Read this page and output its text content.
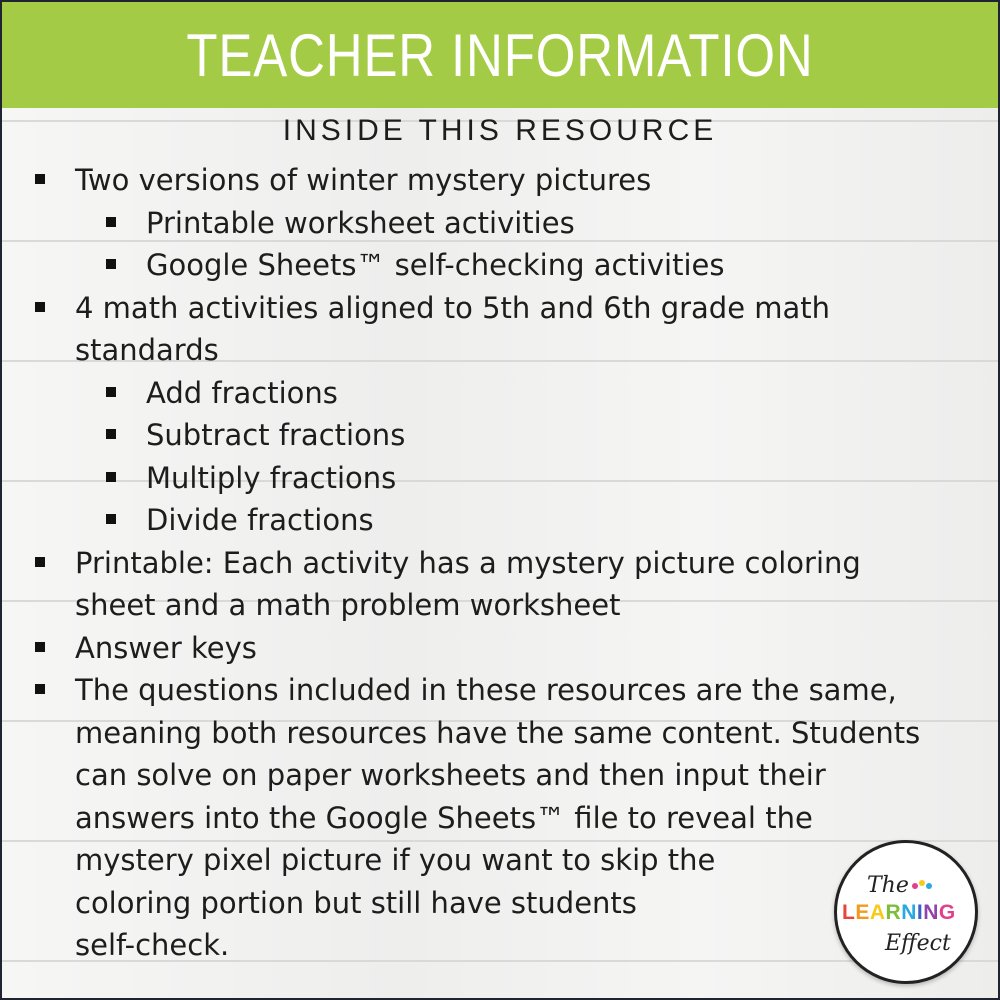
TEACHER INFORMATION
INSIDE THIS RESOURCE
Two versions of winter mystery pictures
Printable worksheet activities
Google Sheets™ self-checking activities
4 math activities aligned to 5th and 6th grade math
standards
Add fractions
Subtract fractions
Multiply fractions
Divide fractions
Printable: Each activity has a mystery picture coloring
sheet and a math problem worksheet
Answer keys
The questions included in these resources are the same,
meaning both resources have the same content. Students
can solve on paper worksheets and then input their
answers into the Google Sheets™ file to reveal the
mystery pixel picture if you want to skip the
coloring portion but still have students
self-check.
The
LEARNING
Effect
